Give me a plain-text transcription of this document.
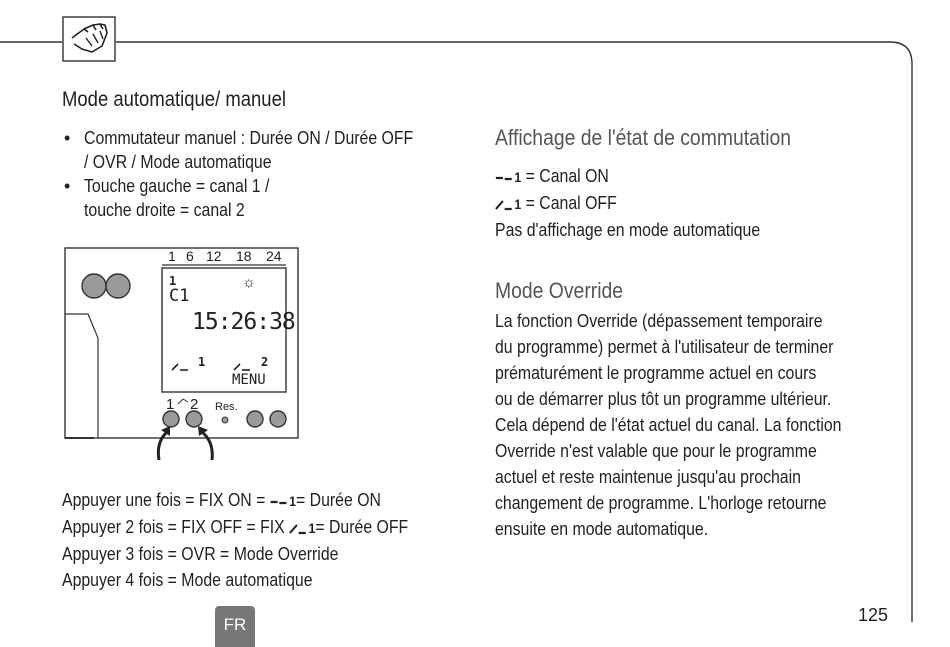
Mode automatique/ manuel
• Commutateur manuel : Durée ON / Durée OFF
/ OVR / Mode automatique
• Touche gauche = canal 1 /
touche droite = canal 2
1 6 12 18 24
1
C1
☼
15:26:38
1	2
MENU
1 2 Res.
Appuyer une fois = FIX ON = 1= Durée ON
Appuyer 2 fois = FIX OFF = FIX 1= Durée OFF
Appuyer 3 fois = OVR = Mode Override
Appuyer 4 fois = Mode automatique
Affichage de l'état de commutation
1 = Canal ON
1 = Canal OFF
Pas d'affichage en mode automatique
Mode Override
La fonction Override (dépassement temporaire
du programme) permet à l'utilisateur de terminer
prématurément le programme actuel en cours
ou de démarrer plus tôt un programme ultérieur.
Cela dépend de l'état actuel du canal. La fonction
Override n'est valable que pour le programme
actuel et reste maintenue jusqu'au prochain
changement de programme. L'horloge retourne
ensuite en mode automatique.
FR	125
